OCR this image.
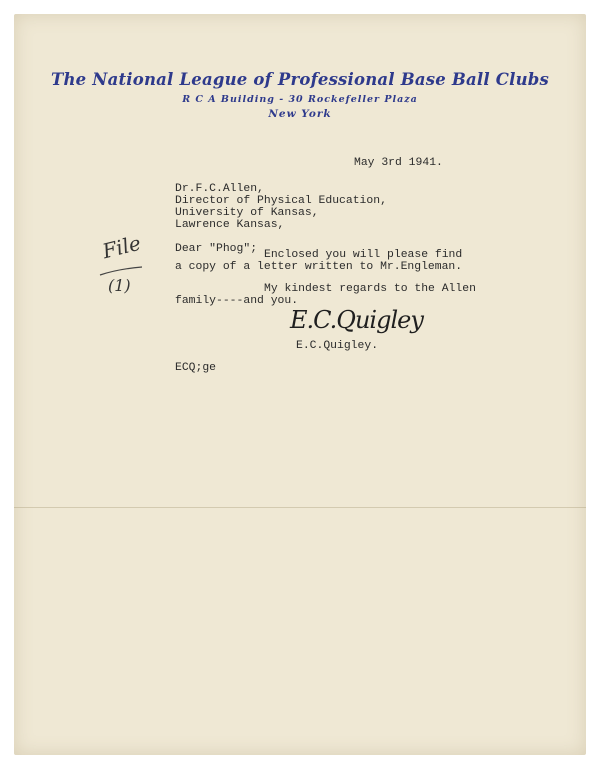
The National League of Professional Base Ball Clubs
R C A Building - 30 Rockefeller Plaza
New York
May 3rd 1941.
Dr.F.C.Allen,
Director of Physical Education,
University of Kansas,
Lawrence Kansas,
Dear "Phog"; Enclosed you will please find
a copy of a letter written to Mr.Engleman.
My kindest regards to the Allen
family----and you.
E.C.Quigley
E.C.Quigley.
ECQ;ge
File
(1)
